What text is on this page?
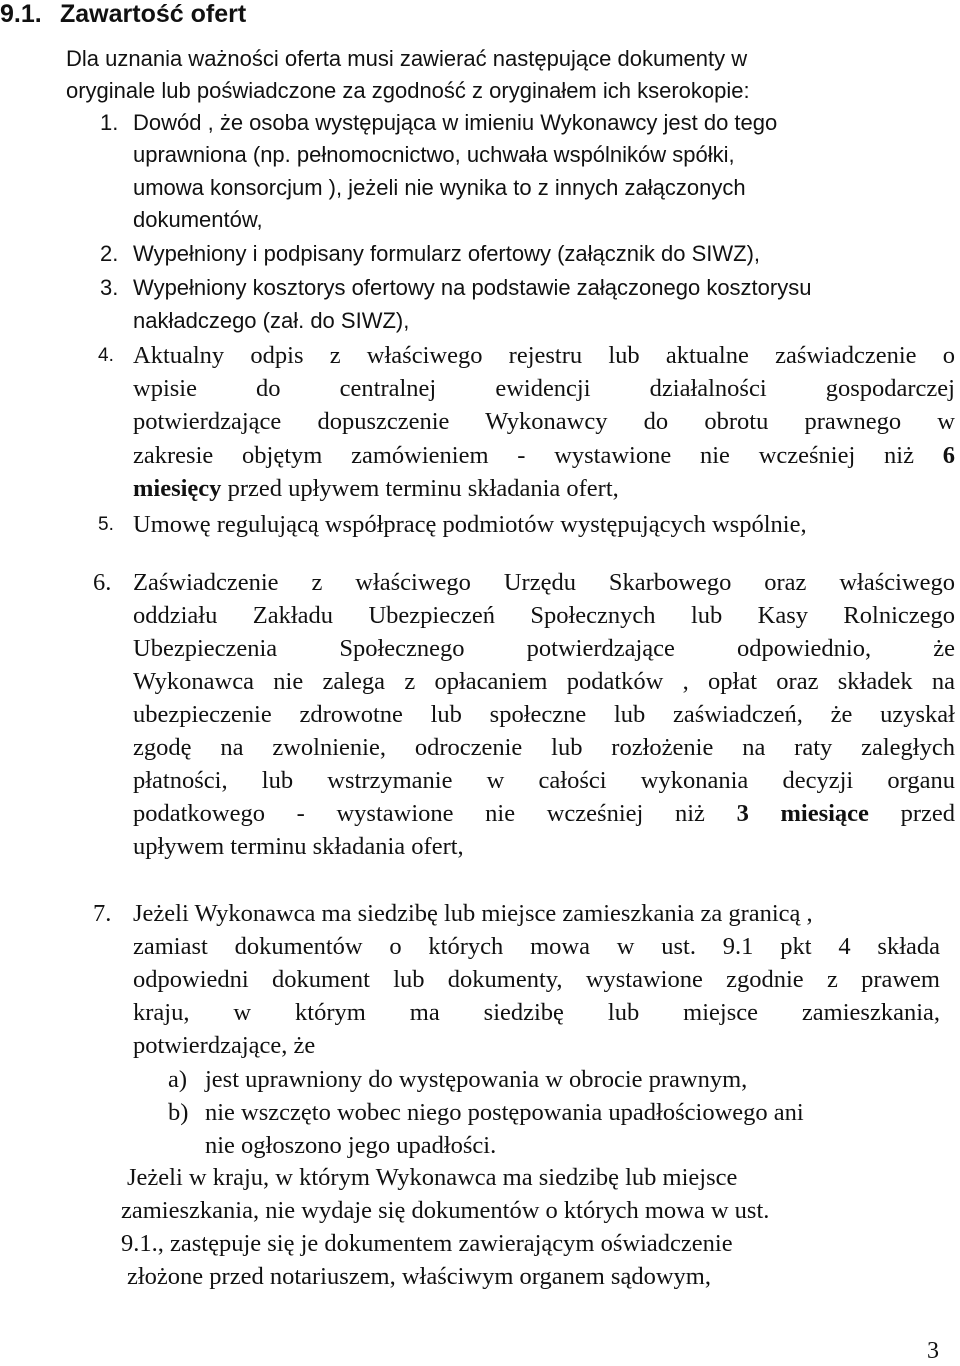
9.1. Zawartość ofert

Dla uznania ważności oferta musi zawierać następujące dokumenty w

oryginale lub poświadczone za zgodność z oryginałem ich kserokopie:

1. Dowód , że osoba występująca w imieniu Wykonawcy jest do tego

uprawniona (np. pełnomocnictwo, uchwała wspólników spółki,

umowa konsorcjum ), jeżeli nie wynika to z innych załączonych

dokumentów,

2. Wypełniony i podpisany formularz ofertowy (załącznik do SIWZ),

3. Wypełniony kosztorys ofertowy na podstawie załączonego kosztorysu

nakładczego (zał. do SIWZ),

4. Aktualny odpis z właściwego rejestru lub aktualne zaświadczenie o

wpisie do centralnej ewidencji działalności gospodarczej

potwierdzające dopuszczenie Wykonawcy do obrotu prawnego w

zakresie objętym zamówieniem - wystawione nie wcześniej niż 6

miesięcy przed upływem terminu składania ofert,

5. Umowę regulującą współpracę podmiotów występujących wspólnie,

6. Zaświadczenie z właściwego Urzędu Skarbowego oraz właściwego

oddziału Zakładu Ubezpieczeń Społecznych lub Kasy Rolniczego

Ubezpieczenia Społecznego potwierdzające odpowiednio, że

Wykonawca nie zalega z opłacaniem podatków , opłat oraz składek na

ubezpieczenie zdrowotne lub społeczne lub zaświadczeń, że uzyskał

zgodę na zwolnienie, odroczenie lub rozłożenie na raty zaległych

płatności, lub wstrzymanie w całości wykonania decyzji organu

podatkowego - wystawione nie wcześniej niż 3 miesiące przed

upływem terminu składania ofert,

7. Jeżeli Wykonawca ma siedzibę lub miejsce zamieszkania za granicą ,

zamiast dokumentów o których mowa w ust. 9.1 pkt 4 składa

odpowiedni dokument lub dokumenty, wystawione zgodnie z prawem

kraju, w którym ma siedzibę lub miejsce zamieszkania,

potwierdzające, że

a) jest uprawniony do występowania w obrocie prawnym,

b) nie wszczęto wobec niego postępowania upadłościowego ani

nie ogłoszono jego upadłości.

Jeżeli w kraju, w którym Wykonawca ma siedzibę lub miejsce

zamieszkania, nie wydaje się dokumentów o których mowa w ust.

9.1., zastępuje się je dokumentem zawierającym oświadczenie

złożone przed notariuszem, właściwym organem sądowym,

3
